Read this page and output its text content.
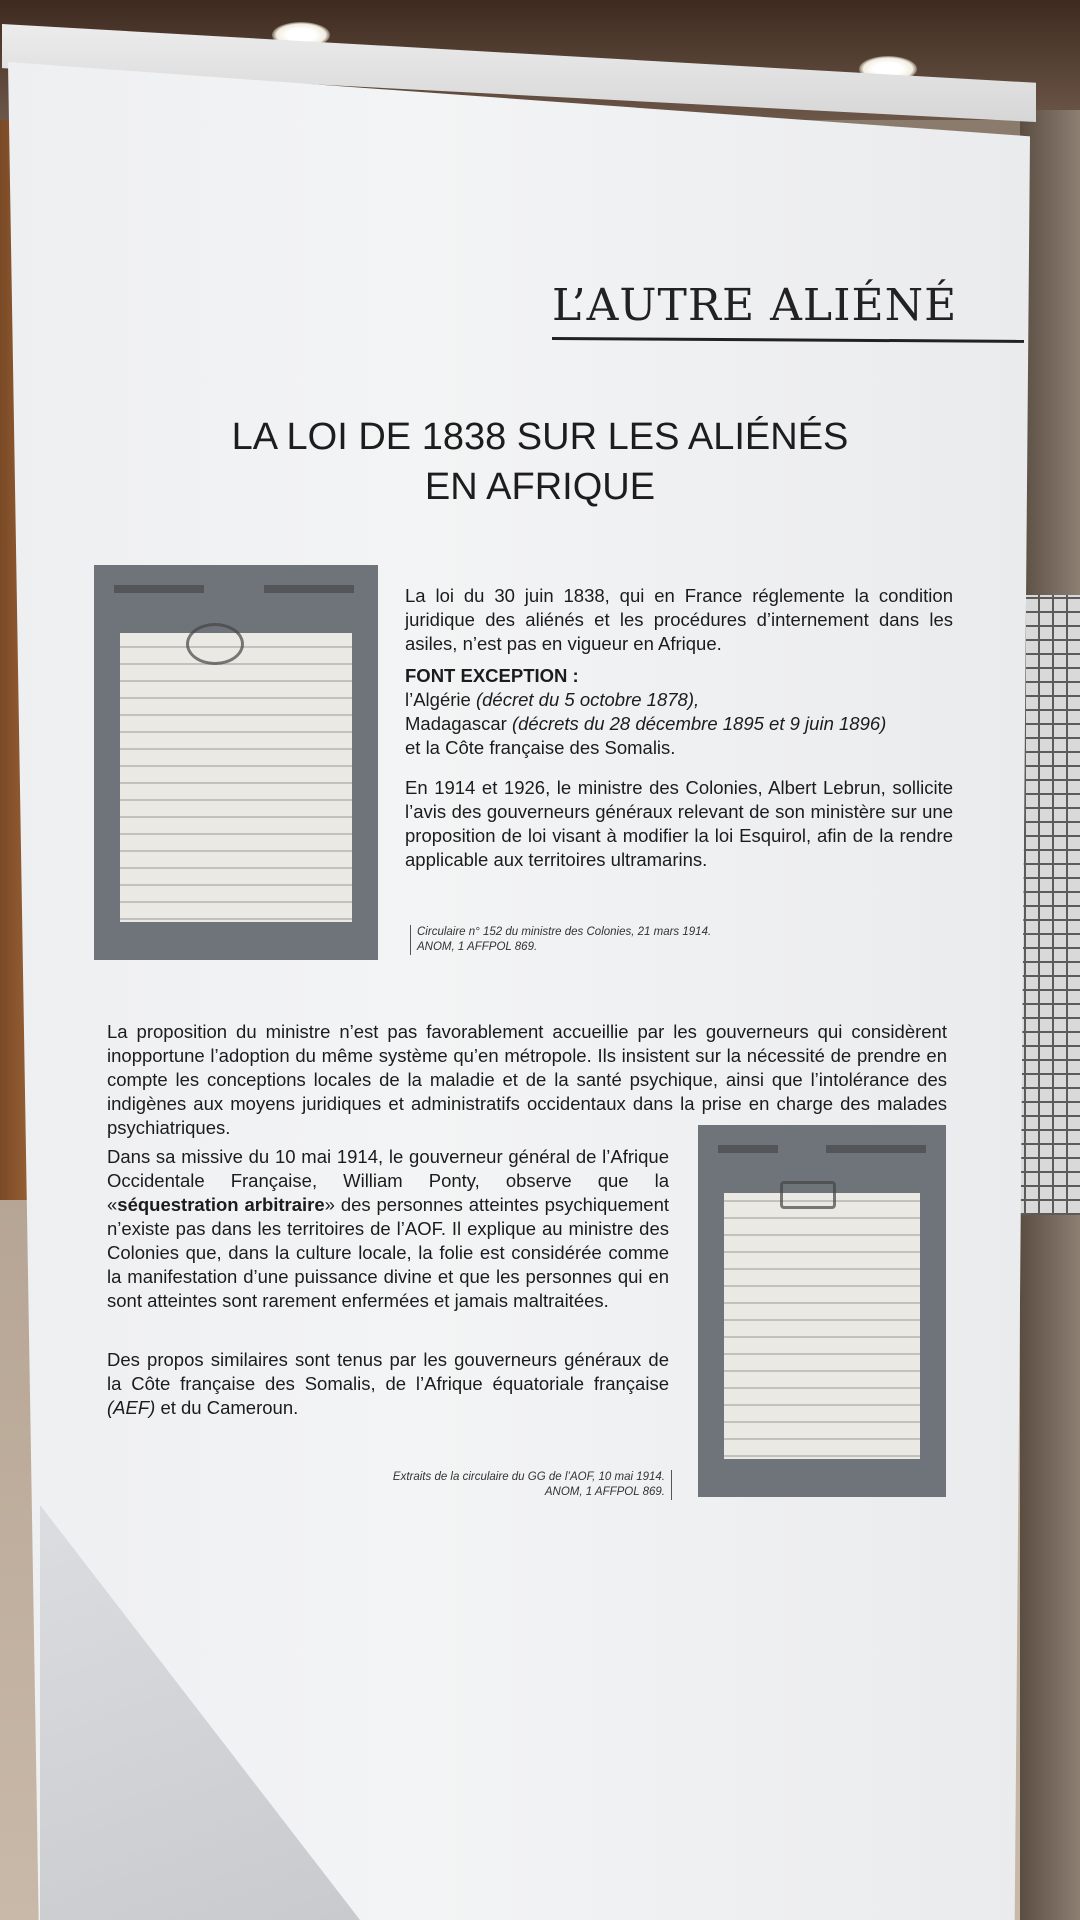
L’AUTRE ALIÉNÉ
LA LOI DE 1838 SUR LES ALIÉNÉS
EN AFRIQUE

La loi du 30 juin 1838, qui en France réglemente la condition juridique des aliénés et les procédures d’internement dans les asiles, n’est pas en vigueur en Afrique.

FONT EXCEPTION :
l’Algérie (décret du 5 octobre 1878),
Madagascar (décrets du 28 décembre 1895 et 9 juin 1896)
et la Côte française des Somalis.

En 1914 et 1926, le ministre des Colonies, Albert Lebrun, sollicite l’avis des gouverneurs généraux relevant de son ministère sur une proposition de loi visant à modifier la loi Esquirol, afin de la rendre applicable aux territoires ultramarins.

Circulaire n° 152 du ministre des Colonies, 21 mars 1914.
ANOM, 1 AFFPOL 869.

La proposition du ministre n’est pas favorablement accueillie par les gouverneurs qui considèrent inopportune l’adoption du même système qu’en métropole. Ils insistent sur la nécessité de prendre en compte les conceptions locales de la maladie et de la santé psychique, ainsi que l’intolérance des indigènes aux moyens juridiques et administratifs occidentaux dans la prise en charge des malades psychiatriques.

Dans sa missive du 10 mai 1914, le gouverneur général de l’Afrique Occidentale Française, William Ponty, observe que la «séquestration arbitraire» des personnes atteintes psychiquement n’existe pas dans les territoires de l’AOF. Il explique au ministre des Colonies que, dans la culture locale, la folie est considérée comme la manifestation d’une puissance divine et que les personnes qui en sont atteintes sont rarement enfermées et jamais maltraitées.

Des propos similaires sont tenus par les gouverneurs généraux de la Côte française des Somalis, de l’Afrique équatoriale française (AEF) et du Cameroun.

Extraits de la circulaire du GG de l’AOF, 10 mai 1914.
ANOM, 1 AFFPOL 869.
